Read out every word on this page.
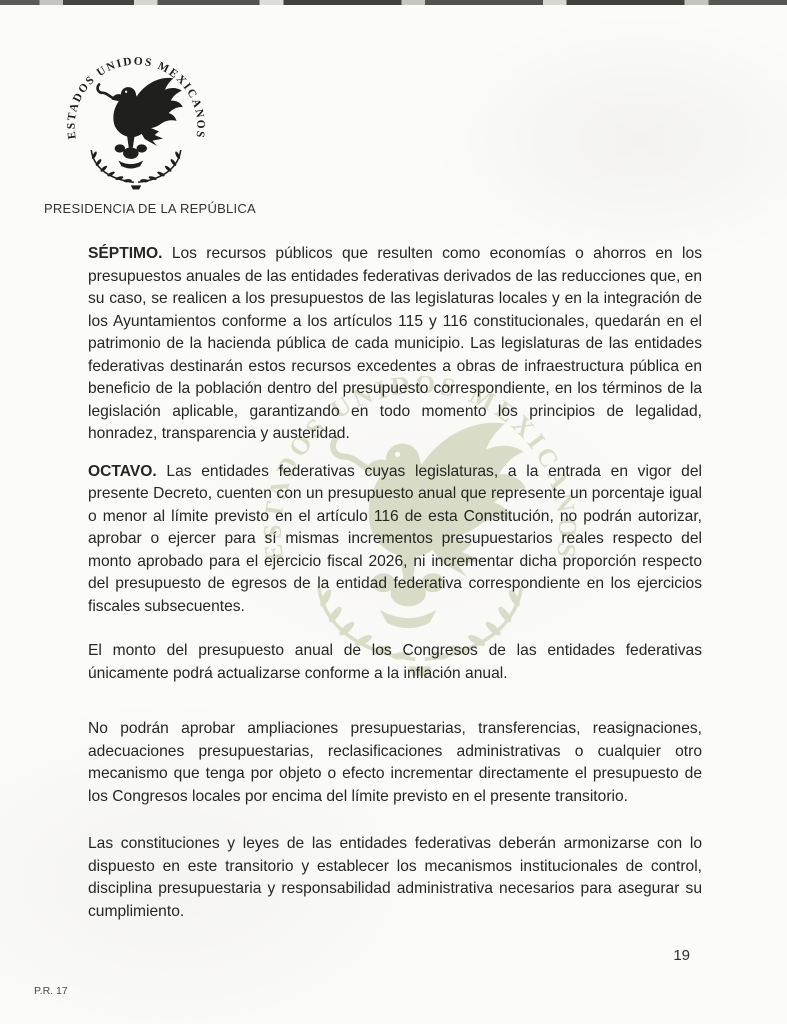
PRESIDENCIA DE LA REPÚBLICA

SÉPTIMO. Los recursos públicos que resulten como economías o ahorros en los presupuestos anuales de las entidades federativas derivados de las reducciones que, en su caso, se realicen a los presupuestos de las legislaturas locales y en la integración de los Ayuntamientos conforme a los artículos 115 y 116 constitucionales, quedarán en el patrimonio de la hacienda pública de cada municipio. Las legislaturas de las entidades federativas destinarán estos recursos excedentes a obras de infraestructura pública en beneficio de la población dentro del presupuesto correspondiente, en los términos de la legislación aplicable, garantizando en todo momento los principios de legalidad, honradez, transparencia y austeridad.

OCTAVO. Las entidades federativas cuyas legislaturas, a la entrada en vigor del presente Decreto, cuenten con un presupuesto anual que represente un porcentaje igual o menor al límite previsto en el artículo 116 de esta Constitución, no podrán autorizar, aprobar o ejercer para sí mismas incrementos presupuestarios reales respecto del monto aprobado para el ejercicio fiscal 2026, ni incrementar dicha proporción respecto del presupuesto de egresos de la entidad federativa correspondiente en los ejercicios fiscales subsecuentes.

El monto del presupuesto anual de los Congresos de las entidades federativas únicamente podrá actualizarse conforme a la inflación anual.

No podrán aprobar ampliaciones presupuestarias, transferencias, reasignaciones, adecuaciones presupuestarias, reclasificaciones administrativas o cualquier otro mecanismo que tenga por objeto o efecto incrementar directamente el presupuesto de los Congresos locales por encima del límite previsto en el presente transitorio.

Las constituciones y leyes de las entidades federativas deberán armonizarse con lo dispuesto en este transitorio y establecer los mecanismos institucionales de control, disciplina presupuestaria y responsabilidad administrativa necesarios para asegurar su cumplimiento.

19
P.R. 17
